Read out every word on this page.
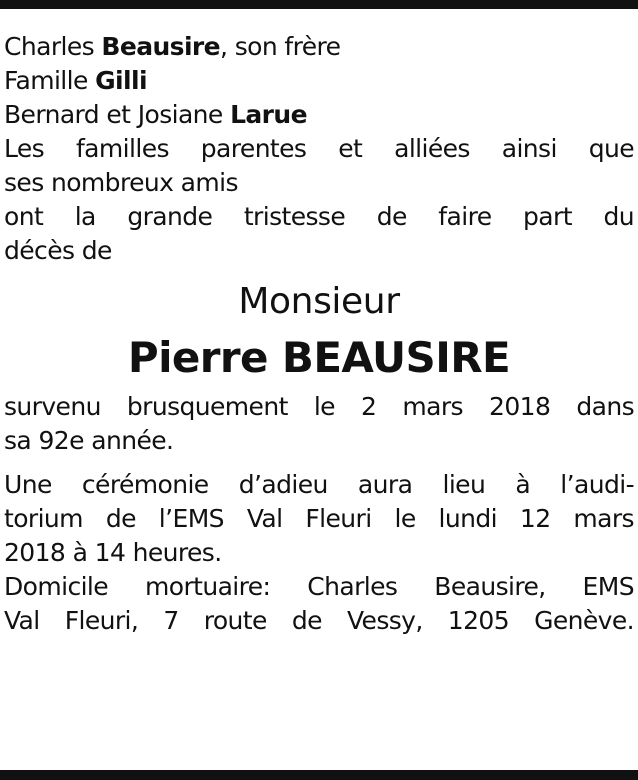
Charles Beausire, son frère
Famille Gilli
Bernard et Josiane Larue
Les familles parentes et alliées ainsi que
ses nombreux amis
ont la grande tristesse de faire part du
décès de
Monsieur
Pierre BEAUSIRE
survenu brusquement le 2 mars 2018 dans
sa 92e année.
Une cérémonie d’adieu aura lieu à l’audi-
torium de l’EMS Val Fleuri le lundi 12 mars
2018 à 14 heures.
Domicile mortuaire: Charles Beausire, EMS
Val Fleuri, 7 route de Vessy, 1205 Genève.
